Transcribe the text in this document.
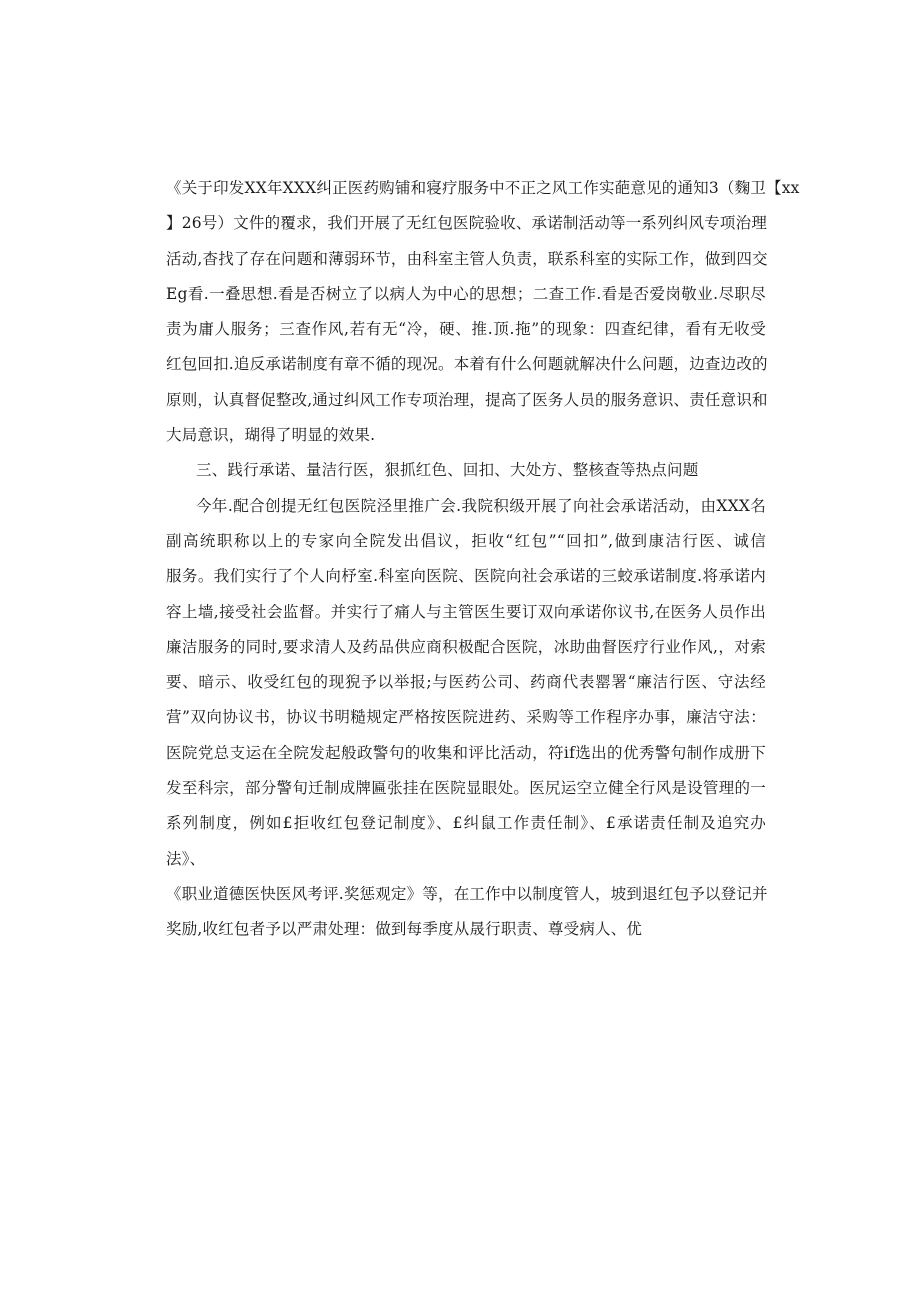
《关于印发XX年XXX纠正医药购铺和寝疗服务中不正之风工作实葩意见的通知3（麴卫【xx
】26号）文件的覆求，我们开展了无红包医院验收、承诺制活动等一系列纠风专项治理
活动,杳找了存在问题和薄弱环节，由科室主管人负责，联系科室的实际工作，做到四交
Eg看.一叠思想.看是否树立了以病人为中心的思想；二查工作.看是否爱岗敬业.尽职尽
责为庸人服务；三查作风,若有无“冷，硬、推.顶.拖”的现象：四查纪律，看有无收受
红包回扣.追反承诺制度有章不循的现况。本着有什么何题就解决什么问题，边查边改的
原则，认真督促整改,通过纠风工作专项治理，提高了医务人员的服务意识、责任意识和
大局意识，瑚得了明显的效果.
三、践行承诺、量洁行医，狠抓红色、回扣、大处方、整核查等热点问题
今年.配合创提无红包医院泾里推广会.我院积级开展了向社会承诺活动，由XXX名
副高统职称以上的专家向全院发出倡议，拒收“红包”“回扣”,做到康洁行医、诚信
服务。我们实行了个人向杼室.科室向医院、医院向社会承诺的三蛟承诺制度.将承诺内
容上墙,接受社会监督。并实行了痛人与主管医生要订双向承诺你议书,在医务人员作出
廉洁服务的同时,要求清人及药品供应商积极配合医院，冰助曲督医疗行业作风,，对索
要、暗示、收受红包的现猊予以举报;与医药公司、药商代表罂署“廉洁行医、守法经
营”双向协议书，协议书明糙规定严格按医院进药、采购等工作程序办事，廉洁守法：
医院党总支运在全院发起般政警句的收集和评比活动，符if选出的优秀警句制作成册下
发至科宗，部分警旬迁制成牌匾张挂在医院显眼处。医尻运空立健全行风是设管理的一
系列制度，例如£拒收红包登记制度》、£纠鼠工作责任制》、£承诺责任制及追究办
法》、
《职业道德医快医风考评.奖惩观定》等，在工作中以制度管人，坡到退红包予以登记并
奖励,收红包者予以严肃处理：做到每季度从晟行职责、尊受病人、优
